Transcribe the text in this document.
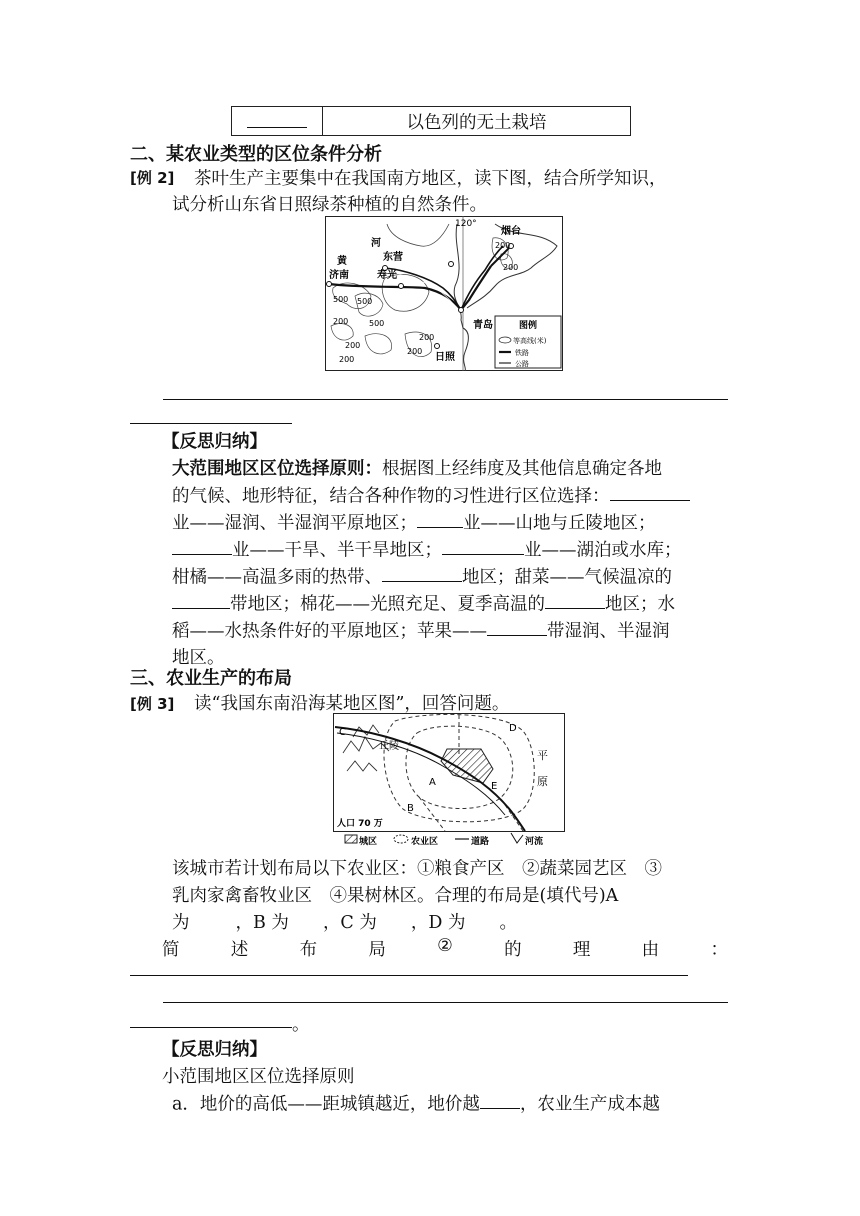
	以色列的无土栽培
二、某农业类型的区位条件分析
[例 2] 茶叶生产主要集中在我国南方地区，读下图，结合所学知识，
试分析山东省日照绿茶种植的自然条件。
120°
烟台
河
东营
黄
济南	寿光
青岛
日照
200
200
500 500
200	500
200
200
200
200
图例
等高线(米)
铁路
公路
【反思归纳】
大范围地区区位选择原则：根据图上经纬度及其他信息确定各地
的气候、地形特征，结合各种作物的习性进行区位选择：
业——湿润、半湿润平原地区；	业——山地与丘陵地区；
业——干旱、半干旱地区；	业——湖泊或水库；
柑橘——高温多雨的热带、	地区；甜菜——气候温凉的
带地区；棉花——光照充足、夏季高温的	地区；水
稻——水热条件好的平原地区；苹果——	带湿润、半湿润
地区。
三、农业生产的布局
[例 3] 读“我国东南沿海某地区图”，回答问题。
C
丘陵
D
平
原
A	E
B
人口 70 万
城区	农业区	道路	河流
该城市若计划布局以下农业区：①粮食产区　②蔬菜园艺区　③
乳肉家禽畜牧业区　④果树林区。合理的布局是(填代号)A
为	，B 为 ，C 为 ，D 为 。
简	述	布	局	②	的	理	由	：
。
【反思归纳】
小范围地区区位选择原则
a．地价的高低——距城镇越近，地价越 ，农业生产成本越
